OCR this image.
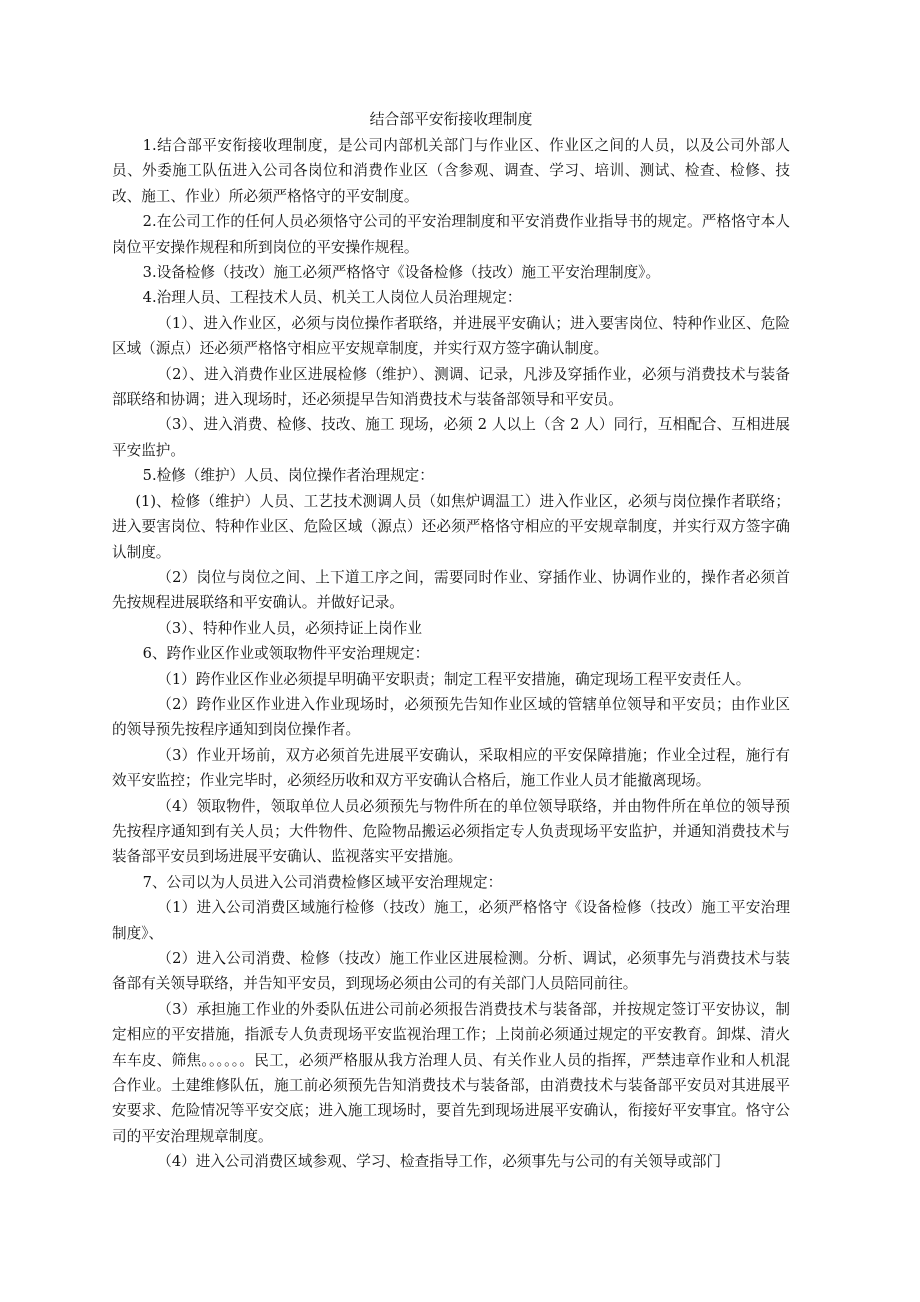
结合部平安衔接收理制度

1.结合部平安衔接收理制度，是公司内部机关部门与作业区、作业区之间的人员，以及公司外部人员、外委施工队伍进入公司各岗位和消费作业区（含参观、调查、学习、培训、测试、检查、检修、技改、施工、作业）所必须严格恪守的平安制度。

2.在公司工作的任何人员必须恪守公司的平安治理制度和平安消费作业指导书的规定。严格恪守本人岗位平安操作规程和所到岗位的平安操作规程。

3.设备检修（技改）施工必须严格恪守《设备检修（技改）施工平安治理制度》。

4.治理人员、工程技术人员、机关工人岗位人员治理规定：

（1）、进入作业区，必须与岗位操作者联络，并进展平安确认；进入要害岗位、特种作业区、危险区域（源点）还必须严格恪守相应平安规章制度，并实行双方签字确认制度。

（2）、进入消费作业区进展检修（维护）、测调、记录，凡涉及穿插作业，必须与消费技术与装备部联络和协调；进入现场时，还必须提早告知消费技术与装备部领导和平安员。

（3）、进入消费、检修、技改、施工 现场，必须 2 人以上（含 2 人）同行，互相配合、互相进展平安监护。

5.检修（维护）人员、岗位操作者治理规定：

(1)、检修（维护）人员、工艺技术测调人员（如焦炉调温工）进入作业区，必须与岗位操作者联络；进入要害岗位、特种作业区、危险区域（源点）还必须严格恪守相应的平安规章制度，并实行双方签字确认制度。

（2）岗位与岗位之间、上下道工序之间，需要同时作业、穿插作业、协调作业的，操作者必须首先按规程进展联络和平安确认。并做好记录。

（3）、特种作业人员，必须持证上岗作业

6、跨作业区作业或领取物件平安治理规定：

（1）跨作业区作业必须提早明确平安职责；制定工程平安措施，确定现场工程平安责任人。

（2）跨作业区作业进入作业现场时，必须预先告知作业区域的管辖单位领导和平安员；由作业区的领导预先按程序通知到岗位操作者。

（3）作业开场前，双方必须首先进展平安确认，采取相应的平安保障措施；作业全过程，施行有效平安监控；作业完毕时，必须经历收和双方平安确认合格后，施工作业人员才能撤离现场。

（4）领取物件，领取单位人员必须预先与物件所在的单位领导联络，并由物件所在单位的领导预先按程序通知到有关人员；大件物件、危险物品搬运必须指定专人负责现场平安监护，并通知消费技术与装备部平安员到场进展平安确认、监视落实平安措施。

7、公司以为人员进入公司消费检修区域平安治理规定：

（1）进入公司消费区域施行检修（技改）施工，必须严格恪守《设备检修（技改）施工平安治理制度》、

（2）进入公司消费、检修（技改）施工作业区进展检测。分析、调试，必须事先与消费技术与装备部有关领导联络，并告知平安员，到现场必须由公司的有关部门人员陪同前往。

（3）承担施工作业的外委队伍进公司前必须报告消费技术与装备部，并按规定签订平安协议，制定相应的平安措施，指派专人负责现场平安监视治理工作；上岗前必须通过规定的平安教育。卸煤、清火车车皮、筛焦。。。。。。民工，必须严格服从我方治理人员、有关作业人员的指挥，严禁违章作业和人机混合作业。土建维修队伍，施工前必须预先告知消费技术与装备部，由消费技术与装备部平安员对其进展平安要求、危险情况等平安交底；进入施工现场时，要首先到现场进展平安确认，衔接好平安事宜。恪守公司的平安治理规章制度。

（4）进入公司消费区域参观、学习、检查指导工作，必须事先与公司的有关领导或部门
